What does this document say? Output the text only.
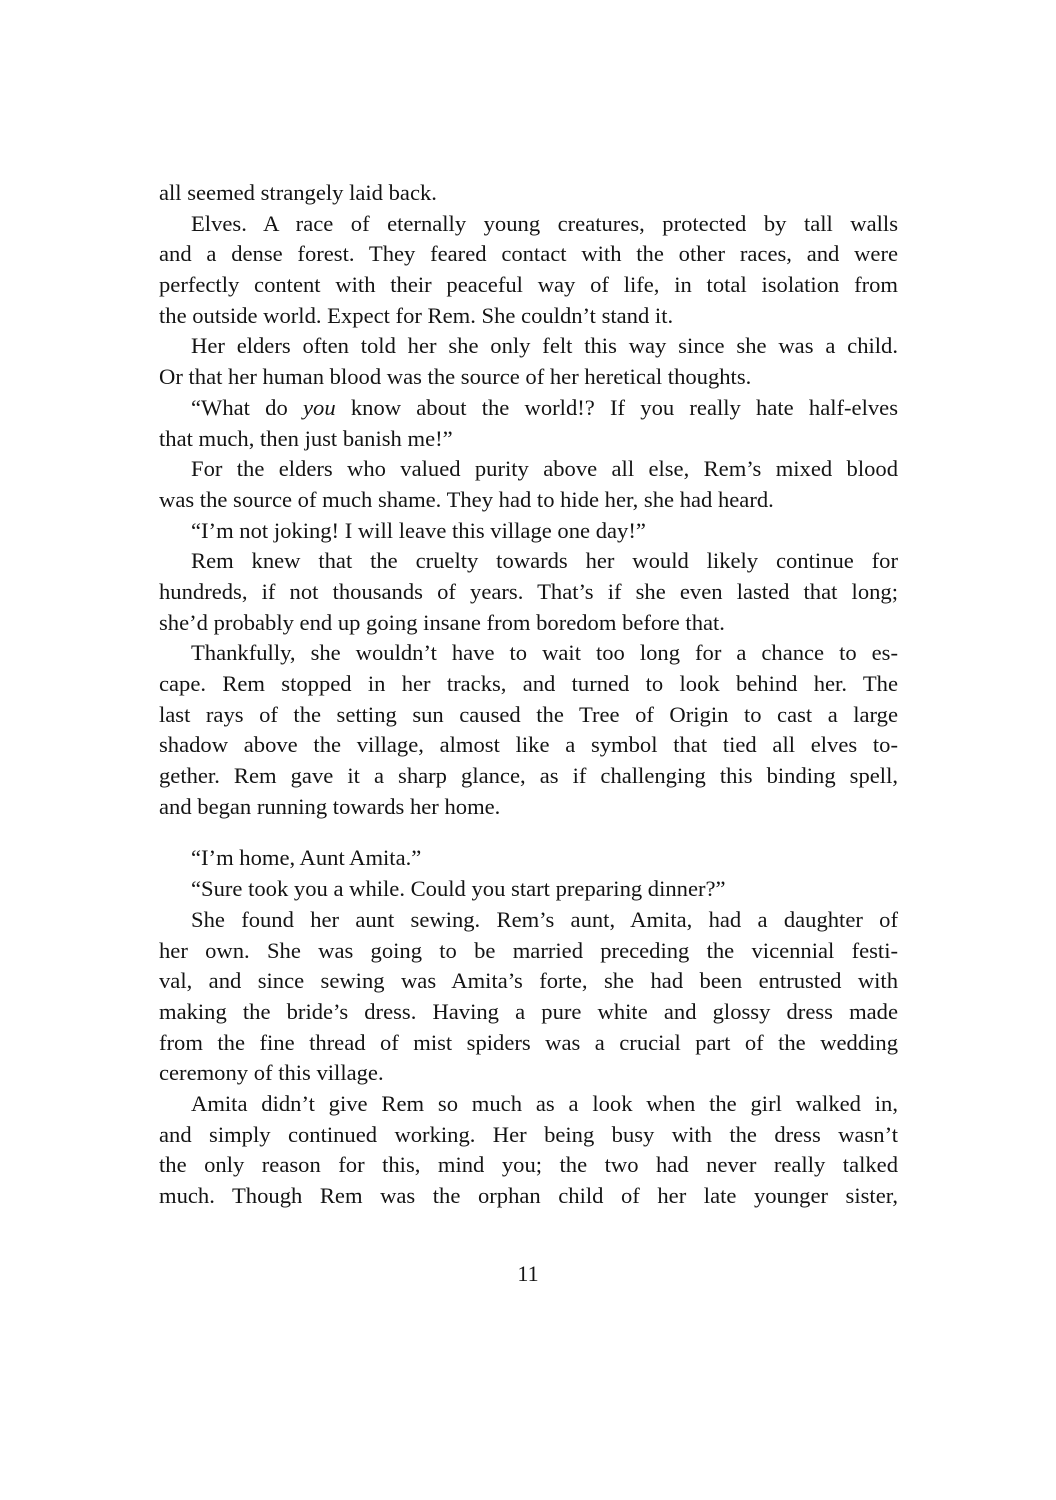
all seemed strangely laid back.
Elves. A race of eternally young creatures, protected by tall walls
and a dense forest. They feared contact with the other races, and were
perfectly content with their peaceful way of life, in total isolation from
the outside world. Expect for Rem. She couldn’t stand it.
Her elders often told her she only felt this way since she was a child.
Or that her human blood was the source of her heretical thoughts.
“What do you know about the world!? If you really hate half-elves
that much, then just banish me!”
For the elders who valued purity above all else, Rem’s mixed blood
was the source of much shame. They had to hide her, she had heard.
“I’m not joking! I will leave this village one day!”
Rem knew that the cruelty towards her would likely continue for
hundreds, if not thousands of years. That’s if she even lasted that long;
she’d probably end up going insane from boredom before that.
Thankfully, she wouldn’t have to wait too long for a chance to es-
cape. Rem stopped in her tracks, and turned to look behind her. The
last rays of the setting sun caused the Tree of Origin to cast a large
shadow above the village, almost like a symbol that tied all elves to-
gether. Rem gave it a sharp glance, as if challenging this binding spell,
and began running towards her home.
“I’m home, Aunt Amita.”
“Sure took you a while. Could you start preparing dinner?”
She found her aunt sewing. Rem’s aunt, Amita, had a daughter of
her own. She was going to be married preceding the vicennial festi-
val, and since sewing was Amita’s forte, she had been entrusted with
making the bride’s dress. Having a pure white and glossy dress made
from the fine thread of mist spiders was a crucial part of the wedding
ceremony of this village.
Amita didn’t give Rem so much as a look when the girl walked in,
and simply continued working. Her being busy with the dress wasn’t
the only reason for this, mind you; the two had never really talked
much. Though Rem was the orphan child of her late younger sister,
11
